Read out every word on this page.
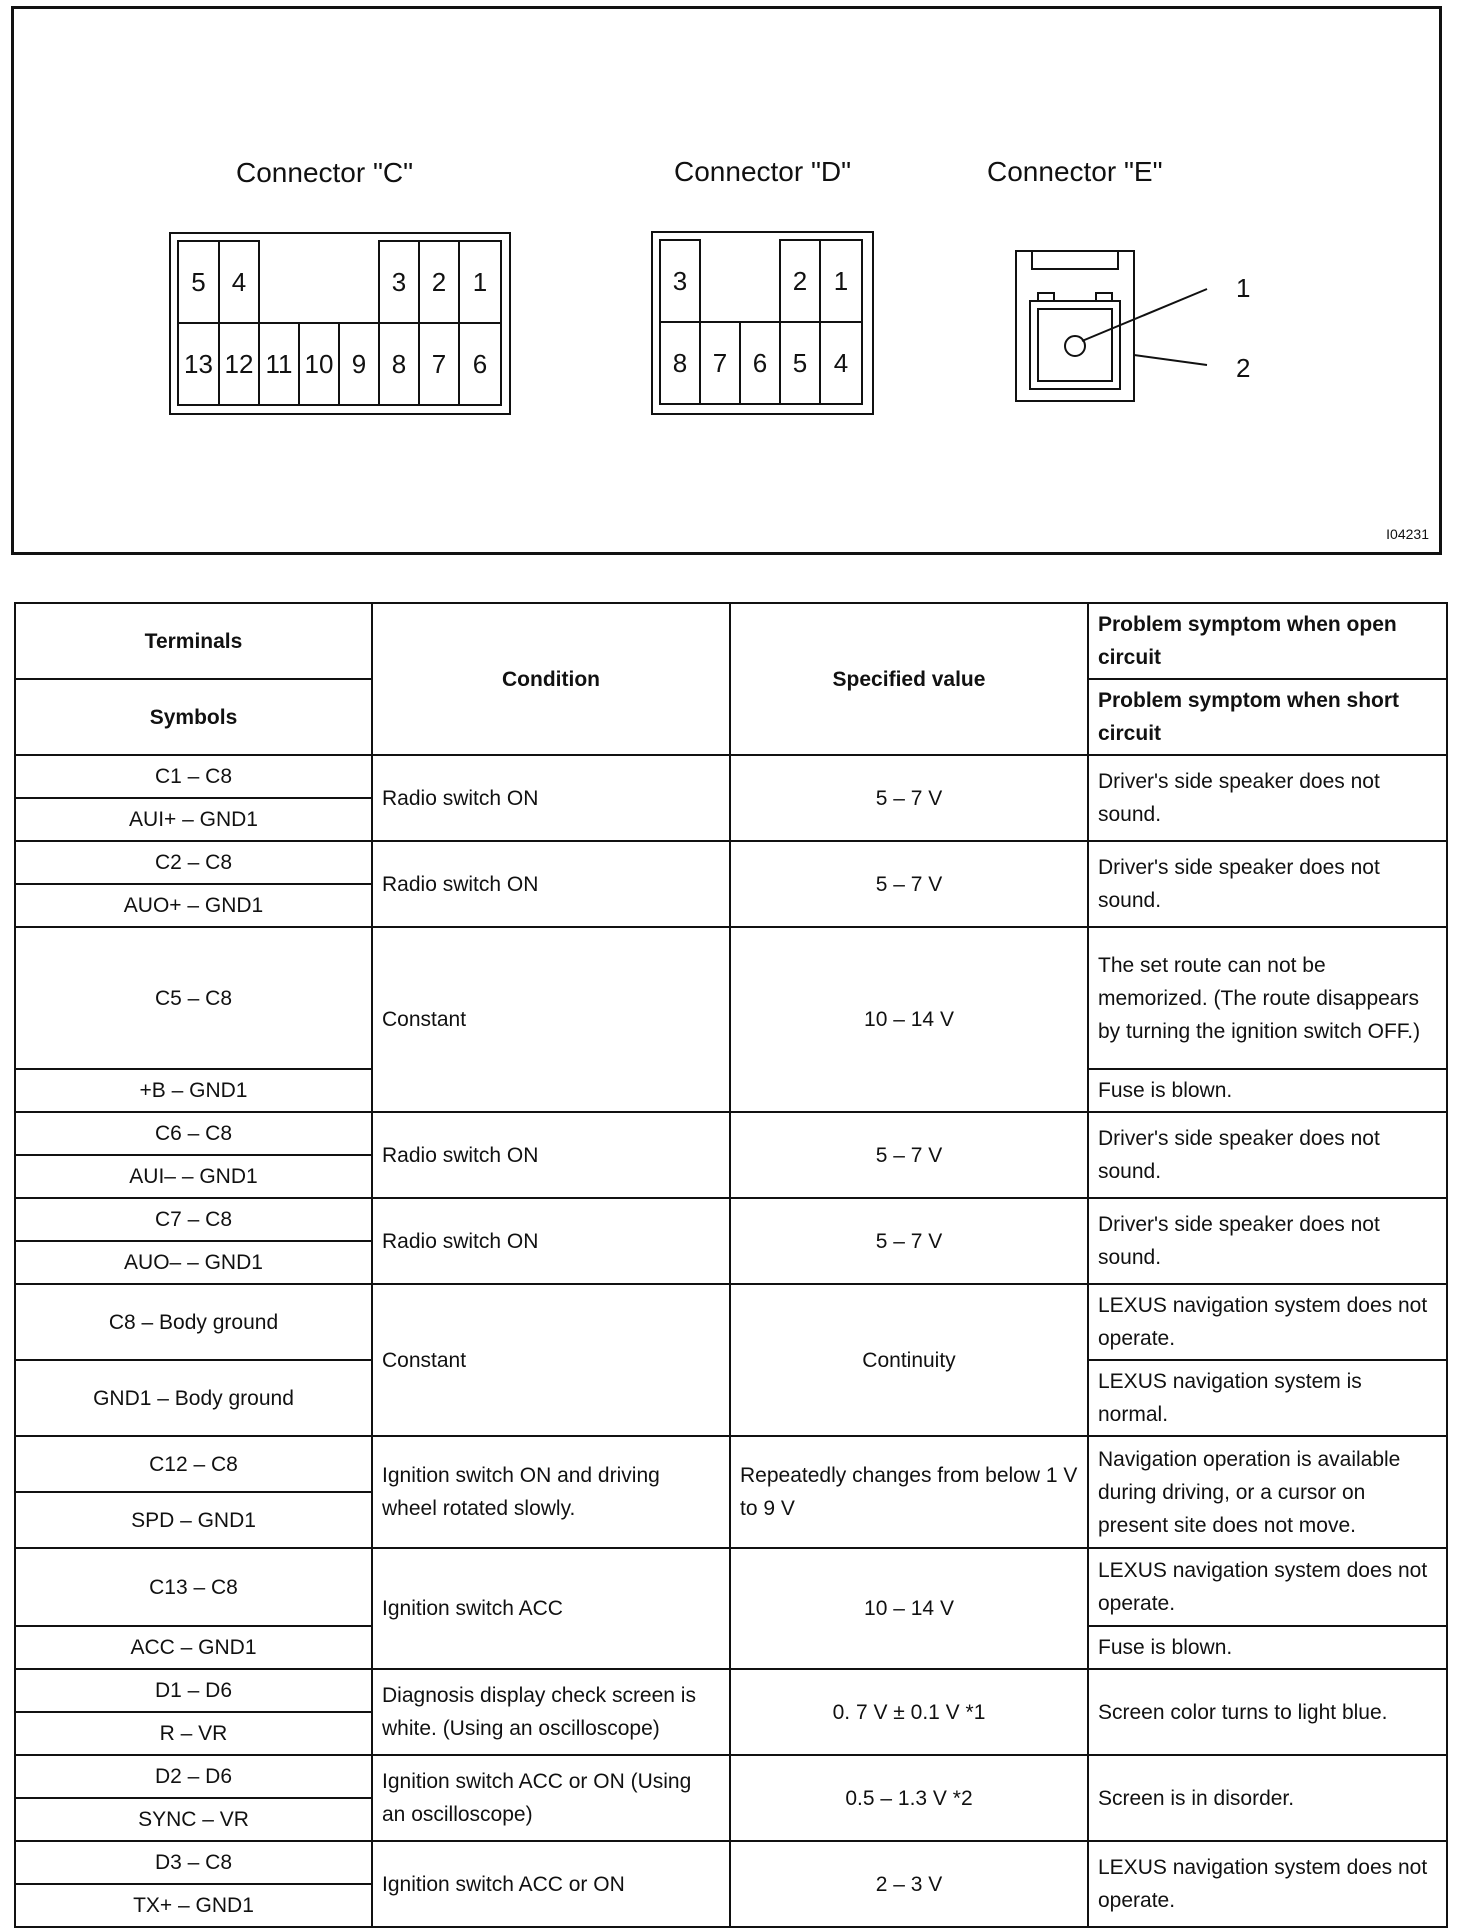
Connector "C"	Connector "D"	Connector "E"
5	4	3 2	1
13 12 11 10 9 8 7	6
3	2	1
8 7 6 5	4
1
2
I04231
Terminals	Condition	Specified value	Problem symptom when open circuit
Symbols			Problem symptom when short circuit
C1 – C8	Radio switch ON	5 – 7 V	Driver's side speaker does not sound.
AUI+ – GND1			
C2 – C8	Radio switch ON	5 – 7 V	Driver's side speaker does not sound.
AUO+ – GND1			
C5 – C8	Constant	10 – 14 V	The set route can not be memorized. (The route disappears by turning the ignition switch OFF.)
+B – GND1			Fuse is blown.
C6 – C8	Radio switch ON	5 – 7 V	Driver's side speaker does not sound.
AUI– – GND1			
C7 – C8	Radio switch ON	5 – 7 V	Driver's side speaker does not sound.
AUO– – GND1			
C8 – Body ground	Constant	Continuity	LEXUS navigation system does not operate.
GND1 – Body ground			LEXUS navigation system is normal.
C12 – C8	Ignition switch ON and driving wheel rotated slowly.	Repeatedly changes from below 1 V to 9 V	Navigation operation is available during driving, or a cursor on present site does not move.
SPD – GND1			
C13 – C8	Ignition switch ACC	10 – 14 V	LEXUS navigation system does not operate.
ACC – GND1			Fuse is blown.
D1 – D6	Diagnosis display check screen is white. (Using an oscilloscope)	0. 7 V ± 0.1 V *1	Screen color turns to light blue.
R – VR			
D2 – D6	Ignition switch ACC or ON (Using an oscilloscope)	0.5 – 1.3 V *2	Screen is in disorder.
SYNC – VR			
D3 – C8	Ignition switch ACC or ON	2 – 3 V	LEXUS navigation system does not operate.
TX+ – GND1			
